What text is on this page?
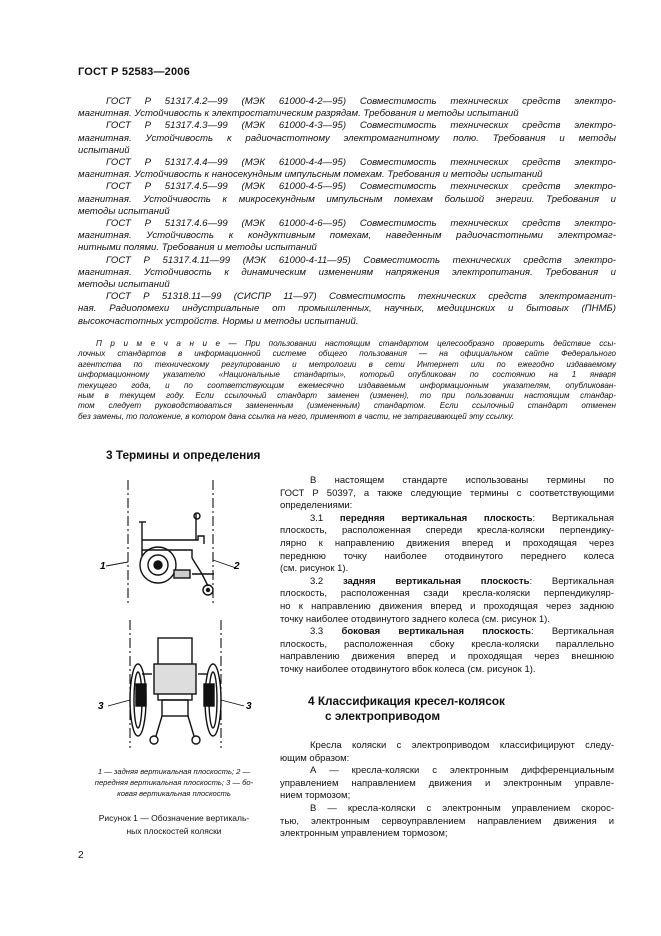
ГОСТ Р 52583—2006
ГОСТ Р 51317.4.2—99 (МЭК 61000-4-2—95) Совместимость технических средств электро-
магнитная. Устойчивость к электростатическим разрядам. Требования и методы испытаний
ГОСТ Р 51317.4.3—99 (МЭК 61000-4-3—95) Совместимость технических средств электро-
магнитная. Устойчивость к радиочастотному электромагнитному полю. Требования и методы
испытаний
ГОСТ Р 51317.4.4—99 (МЭК 61000-4-4—95) Совместимость технических средств электро-
магнитная. Устойчивость к наносекундным импульсным помехам. Требования и методы испытаний
ГОСТ Р 51317.4.5—99 (МЭК 61000-4-5—95) Совместимость технических средств электро-
магнитная. Устойчивость к микросекундным импульсным помехам большой энергии. Требования и
методы испытаний
ГОСТ Р 51317.4.6—99 (МЭК 61000-4-6—95) Совместимость технических средств электро-
магнитная. Устойчивость к кондуктивным помехам, наведенным радиочастотными электромаг-
нитными полями. Требования и методы испытаний
ГОСТ Р 51317.4.11—99 (МЭК 61000-4-11—95) Совместимость технических средств электро-
магнитная. Устойчивость к динамическим изменениям напряжения электропитания. Требования и
методы испытаний
ГОСТ Р 51318.11—99 (СИСПР 11—97) Совместимость технических средств электромагнит-
ная. Радиопомехи индустриальные от промышленных, научных, медицинских и бытовых (ПНМБ)
высокочастотных устройств. Нормы и методы испытаний.
П р и м е ч а н и е — При пользовании настоящим стандартом целесообразно проверить действие ссы-
лочных стандартов в информационной системе общего пользования — на официальном сайте Федерального
агентства по техническому регулированию и метрологии в сети Интернет или по ежегодно издаваемому
информационному указателю «Национальные стандарты», который опубликован по состоянию на 1 января
текущего года, и по соответствующим ежемесячно издаваемым информационным указателям, опубликован-
ным в текущем году. Если ссылочный стандарт заменен (изменен), то при пользовании настоящим стандар-
том следует руководствоваться замененным (измененным) стандартом. Если ссылочный стандарт отменен
без замены, то положение, в котором дана ссылка на него, применяют в части, не затрагивающей эту ссылку.
3 Термины и определения
В настоящем стандарте использованы термины по
ГОСТ Р 50397, а также следующие термины с соответствующими
определениями:
3.1 передняя вертикальная плоскость: Вертикальная
плоскость, расположенная спереди кресла-коляски перпендику-
лярно к направлению движения вперед и проходящая через
переднюю точку наиболее отодвинутого переднего колеса
(см. рисунок 1).
3.2 задняя вертикальная плоскость: Вертикальная
плоскость, расположенная сзади кресла-коляски перпендикуляр-
но к направлению движения вперед и проходящая через заднюю
точку наиболее отодвинутого заднего колеса (см. рисунок 1).
3.3 боковая вертикальная плоскость: Вертикальная
плоскость, расположенная сбоку кресла-коляски параллельно
направлению движения вперед и проходящая через внешнюю
точку наиболее отодвинутого вбок колеса (см. рисунок 1).
4 Классификация кресел-колясок
с электроприводом
Кресла коляски с электроприводом классифицируют следу-
ющим образом:
А — кресла-коляски с электронным дифференциальным
управлением направлением движения и электронным управле-
нием тормозом;
В — кресла-коляски с электронным управлением скорос-
тью, электронным сервоуправлением направлением движения и
электронным управлением тормозом;
1	2
3	3
1 — задняя вертикальная плоскость; 2 —
передняя вертикальная плоскость; 3 — бо-
ковая вертикальная плоскость
Рисунок 1 — Обозначение вертикаль-
ных плоскостей коляски
2
